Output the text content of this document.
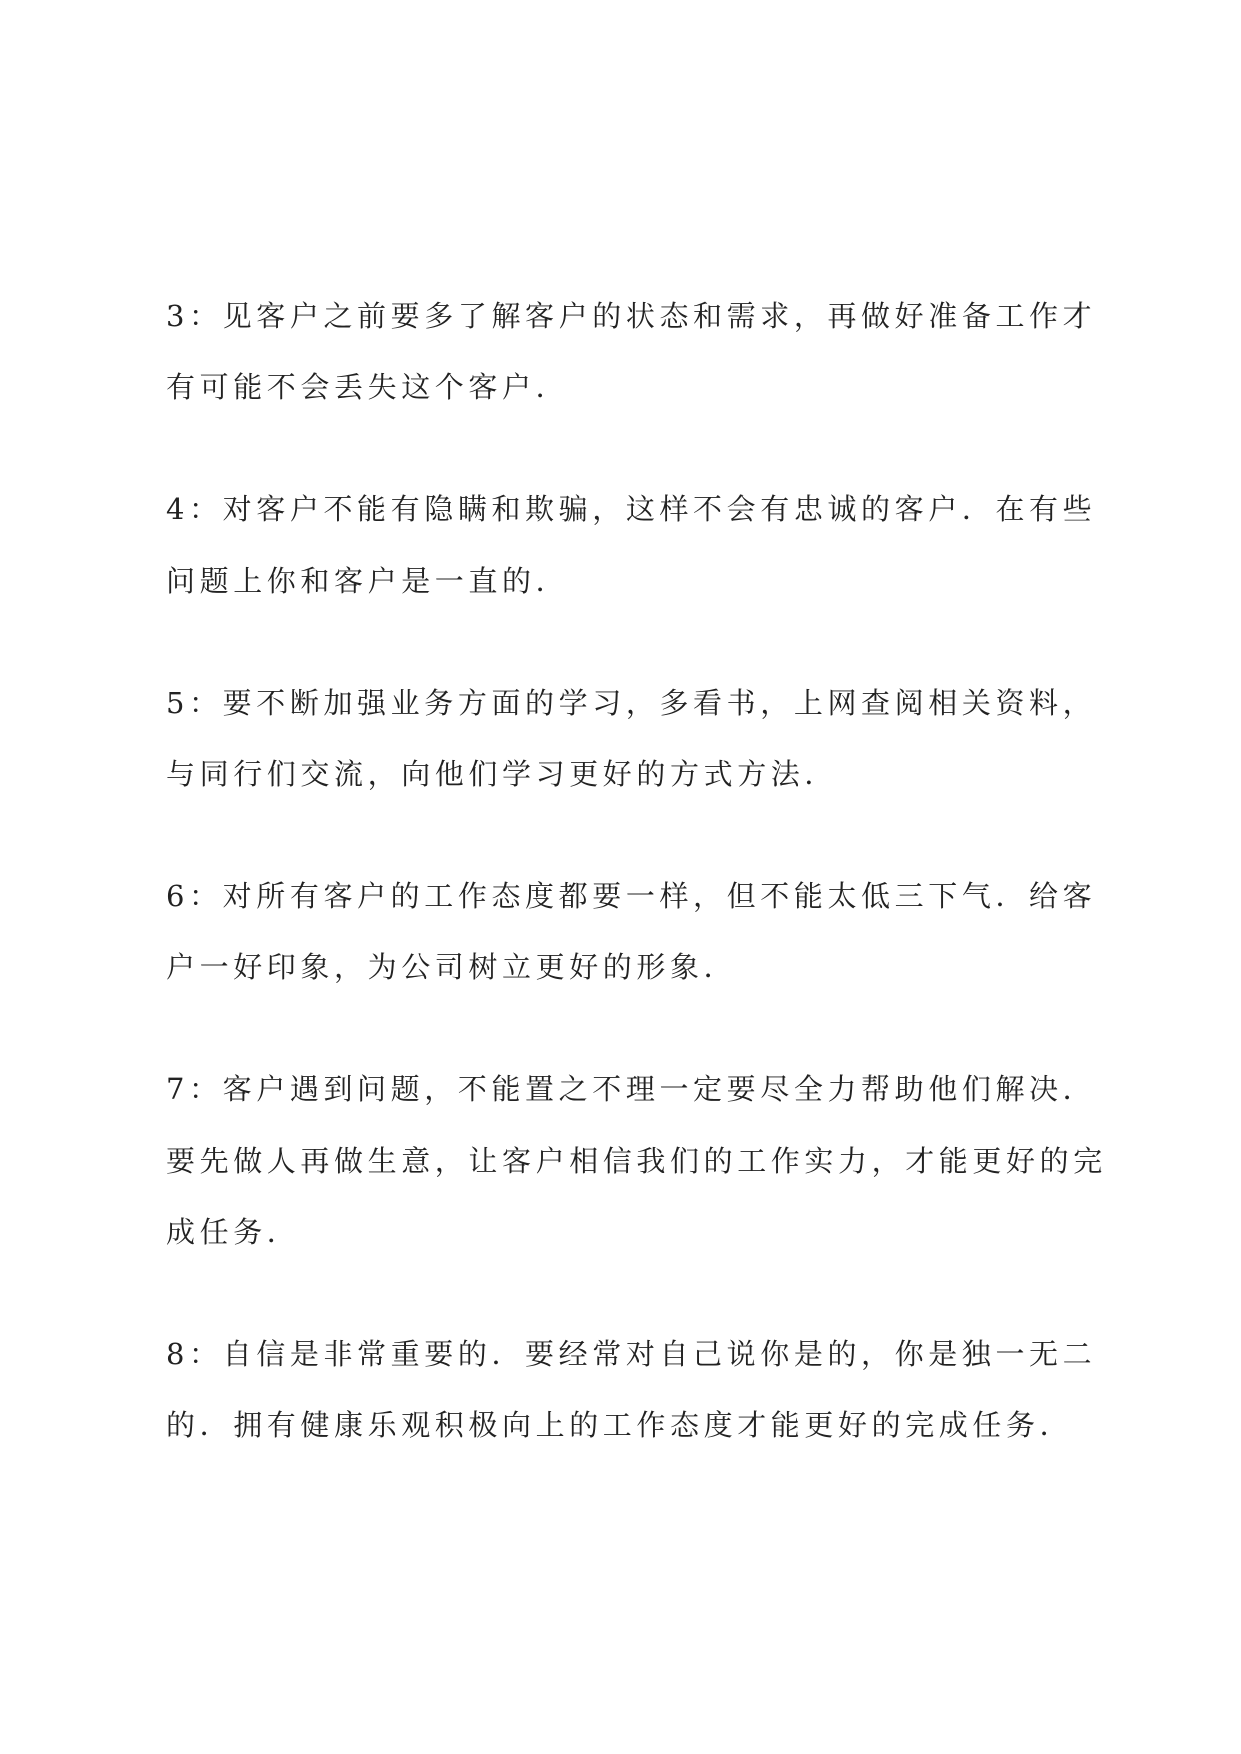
3：见客户之前要多了解客户的状态和需求，再做好准备工作才
有可能不会丢失这个客户．
4：对客户不能有隐瞒和欺骗，这样不会有忠诚的客户．在有些
问题上你和客户是一直的．
5：要不断加强业务方面的学习，多看书，上网查阅相关资料，
与同行们交流，向他们学习更好的方式方法．
6：对所有客户的工作态度都要一样，但不能太低三下气．给客
户一好印象，为公司树立更好的形象．
7：客户遇到问题，不能置之不理一定要尽全力帮助他们解决．
要先做人再做生意，让客户相信我们的工作实力，才能更好的完
成任务．
8：自信是非常重要的．要经常对自己说你是的，你是独一无二
的．拥有健康乐观积极向上的工作态度才能更好的完成任务．
